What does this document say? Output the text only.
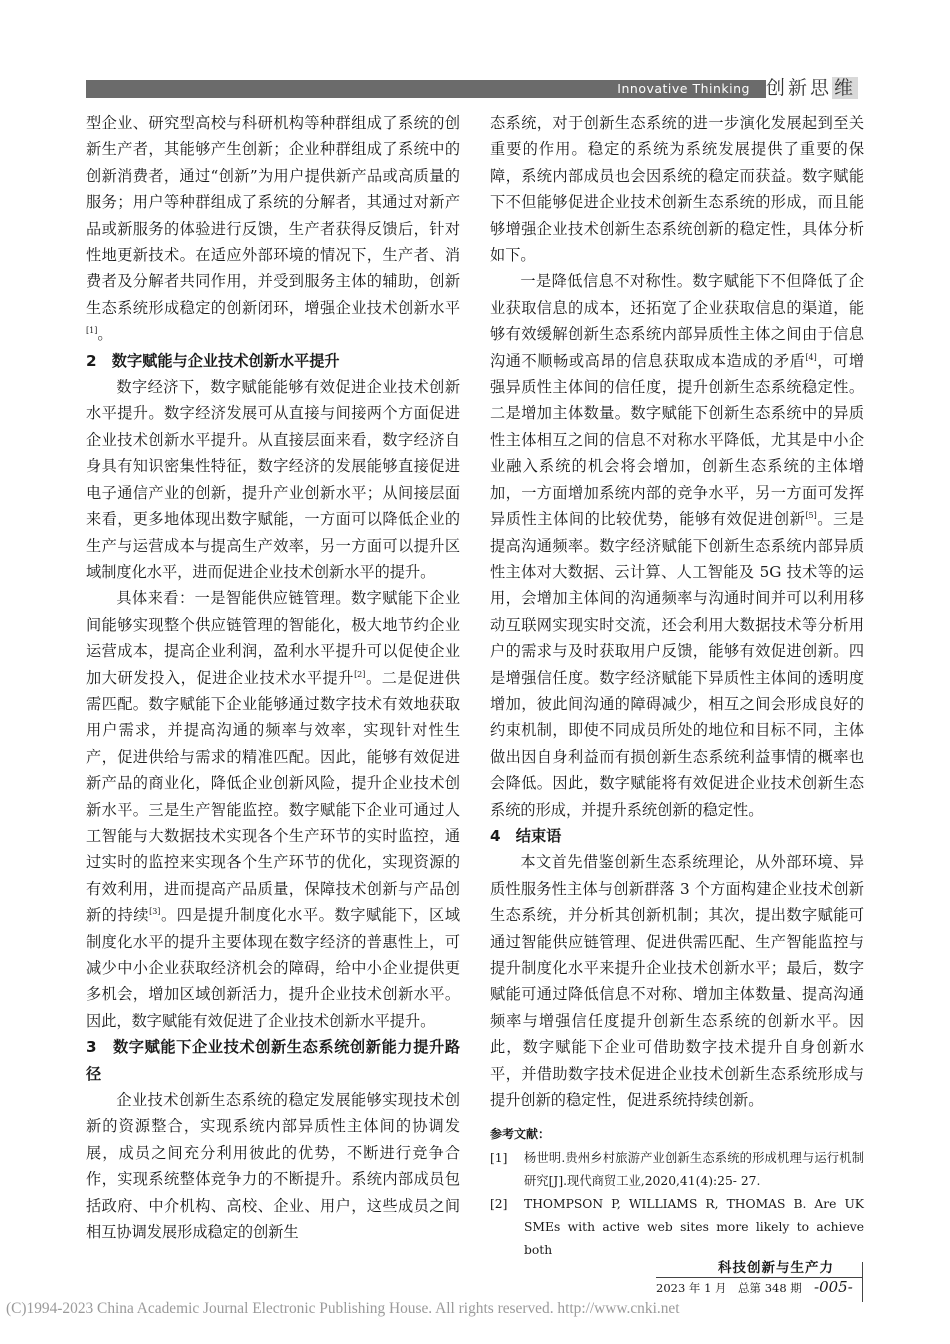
Innovative Thinking 创新思 维

型企业、研究型高校与科研机构等种群组成了系统的创新生产者，其能够产生创新；企业种群组成了系统中的创新消费者，通过“创新”为用户提供新产品或高质量的服务；用户等种群组成了系统的分解者，其通过对新产品或新服务的体验进行反馈，生产者获得反馈后，针对性地更新技术。在适应外部环境的情况下，生产者、消费者及分解者共同作用，并受到服务主体的辅助，创新生态系统形成稳定的创新闭环，增强企业技术创新水平[1]。

2　数字赋能与企业技术创新水平提升

数字经济下，数字赋能能够有效促进企业技术创新水平提升。数字经济发展可从直接与间接两个方面促进企业技术创新水平提升。从直接层面来看，数字经济自身具有知识密集性特征，数字经济的发展能够直接促进电子通信产业的创新，提升产业创新水平；从间接层面来看，更多地体现出数字赋能，一方面可以降低企业的生产与运营成本与提高生产效率，另一方面可以提升区域制度化水平，进而促进企业技术创新水平的提升。

具体来看：一是智能供应链管理。数字赋能下企业间能够实现整个供应链管理的智能化，极大地节约企业运营成本，提高企业利润，盈利水平提升可以促使企业加大研发投入，促进企业技术水平提升[2]。二是促进供需匹配。数字赋能下企业能够通过数字技术有效地获取用户需求，并提高沟通的频率与效率，实现针对性生产，促进供给与需求的精准匹配。因此，能够有效促进新产品的商业化，降低企业创新风险，提升企业技术创新水平。三是生产智能监控。数字赋能下企业可通过人工智能与大数据技术实现各个生产环节的实时监控，通过实时的监控来实现各个生产环节的优化，实现资源的有效利用，进而提高产品质量，保障技术创新与产品创新的持续[3]。四是提升制度化水平。数字赋能下，区域制度化水平的提升主要体现在数字经济的普惠性上，可减少中小企业获取经济机会的障碍，给中小企业提供更多机会，增加区域创新活力，提升企业技术创新水平。因此，数字赋能有效促进了企业技术创新水平提升。

3　数字赋能下企业技术创新生态系统创新能力提升路径

企业技术创新生态系统的稳定发展能够实现技术创新的资源整合，实现系统内部异质性主体间的协调发展，成员之间充分利用彼此的优势，不断进行竞争合作，实现系统整体竞争力的不断提升。系统内部成员包括政府、中介机构、高校、企业、用户，这些成员之间相互协调发展形成稳定的创新生

态系统，对于创新生态系统的进一步演化发展起到至关重要的作用。稳定的系统为系统发展提供了重要的保障，系统内部成员也会因系统的稳定而获益。数字赋能下不但能够促进企业技术创新生态系统的形成，而且能够增强企业技术创新生态系统创新的稳定性，具体分析如下。

一是降低信息不对称性。数字赋能下不但降低了企业获取信息的成本，还拓宽了企业获取信息的渠道，能够有效缓解创新生态系统内部异质性主体之间由于信息沟通不顺畅或高昂的信息获取成本造成的矛盾[4]，可增强异质性主体间的信任度，提升创新生态系统稳定性。二是增加主体数量。数字赋能下创新生态系统中的异质性主体相互之间的信息不对称水平降低，尤其是中小企业融入系统的机会将会增加，创新生态系统的主体增加，一方面增加系统内部的竞争水平，另一方面可发挥异质性主体间的比较优势，能够有效促进创新[5]。三是提高沟通频率。数字经济赋能下创新生态系统内部异质性主体对大数据、云计算、人工智能及 5G 技术等的运用，会增加主体间的沟通频率与沟通时间并可以利用移动互联网实现实时交流，还会利用大数据技术等分析用户的需求与及时获取用户反馈，能够有效促进创新。四是增强信任度。数字经济赋能下异质性主体间的透明度增加，彼此间沟通的障碍减少，相互之间会形成良好的约束机制，即使不同成员所处的地位和目标不同，主体做出因自身利益而有损创新生态系统利益事情的概率也会降低。因此，数字赋能将有效促进企业技术创新生态系统的形成，并提升系统创新的稳定性。

4　结束语

本文首先借鉴创新生态系统理论，从外部环境、异质性服务性主体与创新群落 3 个方面构建企业技术创新生态系统，并分析其创新机制；其次，提出数字赋能可通过智能供应链管理、促进供需匹配、生产智能监控与提升制度化水平来提升企业技术创新水平；最后，数字赋能可通过降低信息不对称、增加主体数量、提高沟通频率与增强信任度提升创新生态系统的创新水平。因此，数字赋能下企业可借助数字技术提升自身创新水平，并借助数字技术促进企业技术创新生态系统形成与提升创新的稳定性，促进系统持续创新。

参考文献：
[1]	杨世明.贵州乡村旅游产业创新生态系统的形成机理与运行机制研究[J].现代商贸工业,2020,41(4):25- 27.
[2]	THOMPSON P, WILLIAMS R, THOMAS B. Are UK SMEs with active web sites more likely to achieve both
科技创新与生产力
2023 年 1 月　总第 348 期 -005-
(C)1994-2023 China Academic Journal Electronic Publishing House. All rights reserved. http://www.cnki.net
